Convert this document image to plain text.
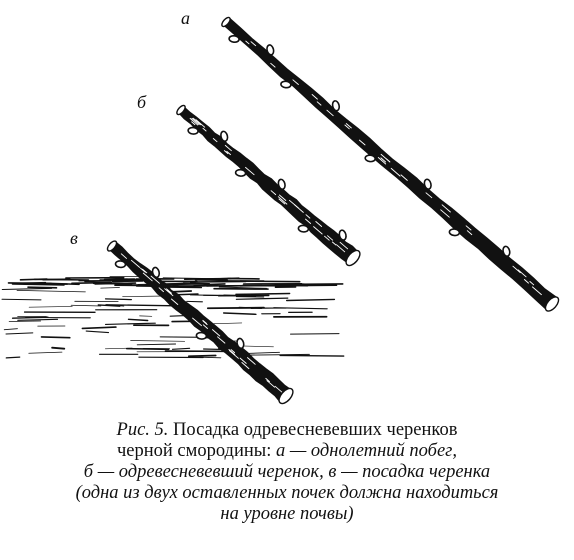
а
б
в
Рис. 5. Посадка одревесневевших черенков
черной смородины: а — однолетний побег,
б — одревесневевший черенок, в — посадка черенка
(одна из двух оставленных почек должна находиться
на уровне почвы)
